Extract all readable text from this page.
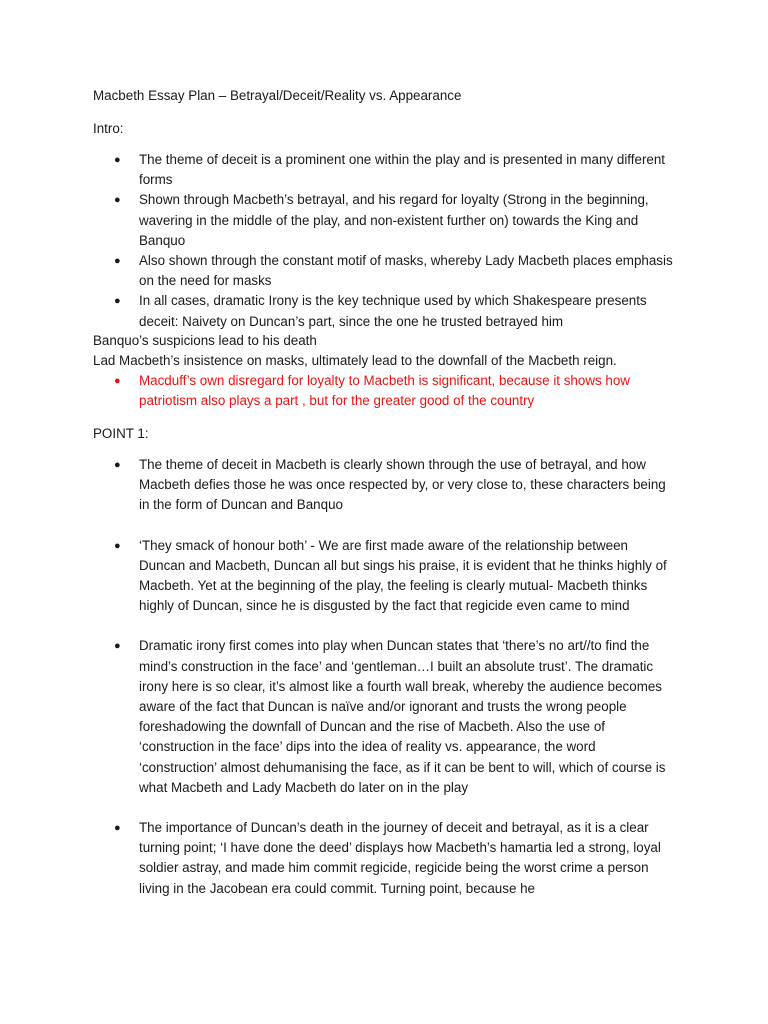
Macbeth Essay Plan – Betrayal/Deceit/Reality vs. Appearance
Intro:
● The theme of deceit is a prominent one within the play and is presented in many different forms
● Shown through Macbeth’s betrayal, and his regard for loyalty (Strong in the beginning, wavering in the middle of the play, and non-existent further on) towards the King and Banquo
● Also shown through the constant motif of masks, whereby Lady Macbeth places emphasis on the need for masks
● In all cases, dramatic Irony is the key technique used by which Shakespeare presents deceit: Naivety on Duncan’s part, since the one he trusted betrayed him
Banquo’s suspicions lead to his death
Lad Macbeth’s insistence on masks, ultimately lead to the downfall of the Macbeth reign.
● Macduff’s own disregard for loyalty to Macbeth is significant, because it shows how patriotism also plays a part , but for the greater good of the country
POINT 1:
● The theme of deceit in Macbeth is clearly shown through the use of betrayal, and how Macbeth defies those he was once respected by, or very close to, these characters being in the form of Duncan and Banquo
● ‘They smack of honour both’ - We are first made aware of the relationship between Duncan and Macbeth, Duncan all but sings his praise, it is evident that he thinks highly of Macbeth. Yet at the beginning of the play, the feeling is clearly mutual- Macbeth thinks highly of Duncan, since he is disgusted by the fact that regicide even came to mind
● Dramatic irony first comes into play when Duncan states that ‘there’s no art//to find the mind’s construction in the face’ and ‘gentleman…I built an absolute trust’. The dramatic irony here is so clear, it’s almost like a fourth wall break, whereby the audience becomes aware of the fact that Duncan is naïve and/or ignorant and trusts the wrong people foreshadowing the downfall of Duncan and the rise of Macbeth. Also the use of ‘construction in the face’ dips into the idea of reality vs. appearance, the word ‘construction’ almost dehumanising the face, as if it can be bent to will, which of course is what Macbeth and Lady Macbeth do later on in the play
● The importance of Duncan’s death in the journey of deceit and betrayal, as it is a clear turning point; ‘I have done the deed’ displays how Macbeth’s hamartia led a strong, loyal soldier astray, and made him commit regicide, regicide being the worst crime a person living in the Jacobean era could commit. Turning point, because he
